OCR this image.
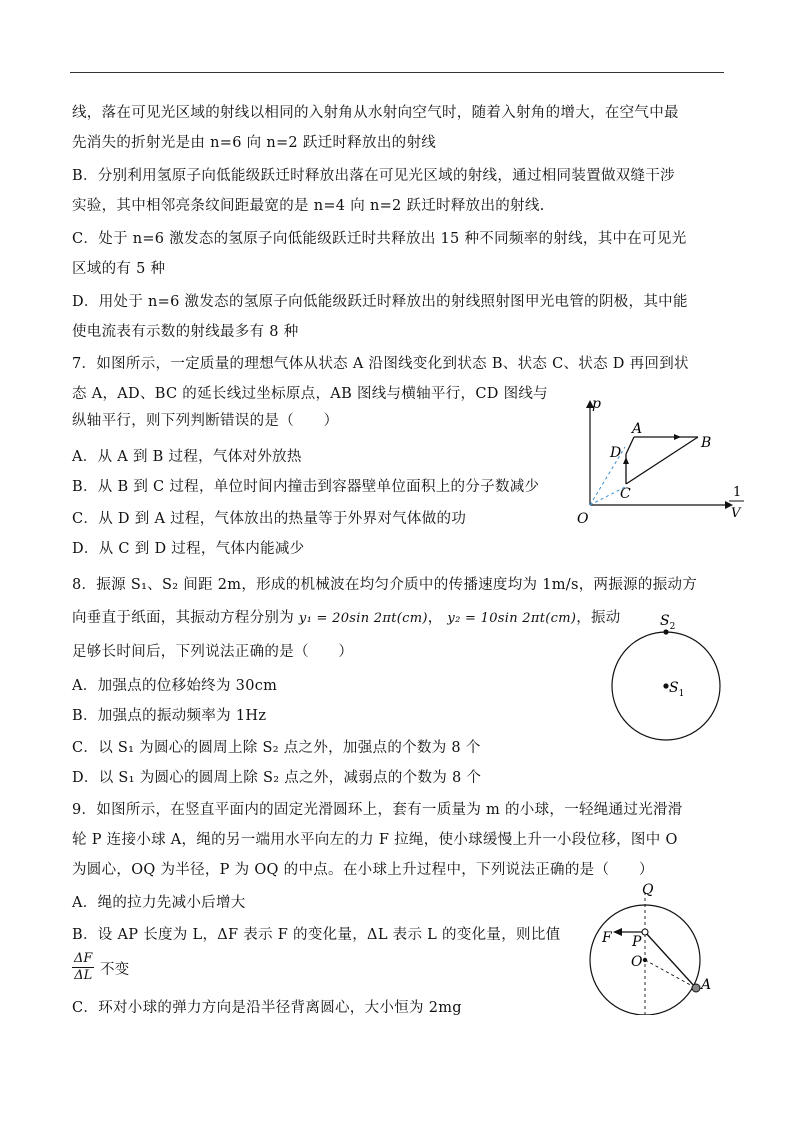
线，落在可见光区域的射线以相同的入射角从水射向空气时，随着入射角的增大，在空气中最
先消失的折射光是由 n=6 向 n=2 跃迁时释放出的射线
B．分别利用氢原子向低能级跃迁时释放出落在可见光区域的射线，通过相同装置做双缝干涉
实验，其中相邻亮条纹间距最宽的是 n=4 向 n=2 跃迁时释放出的射线.
C．处于 n=6 激发态的氢原子向低能级跃迁时共释放出 15 种不同频率的射线，其中在可见光
区域的有 5 种
D．用处于 n=6 激发态的氢原子向低能级跃迁时释放出的射线照射图甲光电管的阴极，其中能
使电流表有示数的射线最多有 8 种
7．如图所示，一定质量的理想气体从状态 A 沿图线变化到状态 B、状态 C、状态 D 再回到状
态 A，AD、BC 的延长线过坐标原点，AB 图线与横轴平行，CD 图线与
纵轴平行，则下列判断错误的是（　　）
A．从 A 到 B 过程，气体对外放热
B．从 B 到 C 过程，单位时间内撞击到容器壁单位面积上的分子数减少
C．从 D 到 A 过程，气体放出的热量等于外界对气体做的功
D．从 C 到 D 过程，气体内能减少
8．振源 S₁、S₂ 间距 2m，形成的机械波在均匀介质中的传播速度均为 1m/s，两振源的振动方
向垂直于纸面，其振动方程分别为 y₁ = 20sin 2πt(cm)， y₂ = 10sin 2πt(cm)，振动
足够长时间后，下列说法正确的是（　　）
A．加强点的位移始终为 30cm
B．加强点的振动频率为 1Hz
C．以 S₁ 为圆心的圆周上除 S₂ 点之外，加强点的个数为 8 个
D．以 S₁ 为圆心的圆周上除 S₂ 点之外，减弱点的个数为 8 个
9．如图所示，在竖直平面内的固定光滑圆环上，套有一质量为 m 的小球，一轻绳通过光滑滑
轮 P 连接小球 A，绳的另一端用水平向左的力 F 拉绳，使小球缓慢上升一小段位移，图中 O
为圆心，OQ 为半径，P 为 OQ 的中点。在小球上升过程中，下列说法正确的是（　　）
A．绳的拉力先减小后增大
B．设 AP 长度为 L，ΔF 表示 F 的变化量，ΔL 表示 L 的变化量，则比值
$\frac{\Delta F}{\Delta L}$ 不变
C．环对小球的弹力方向是沿半径背离圆心，大小恒为 2mg
p
A
B
C
D
O
1
V
$S_2$
$S_1$
Q
F P
O
A
